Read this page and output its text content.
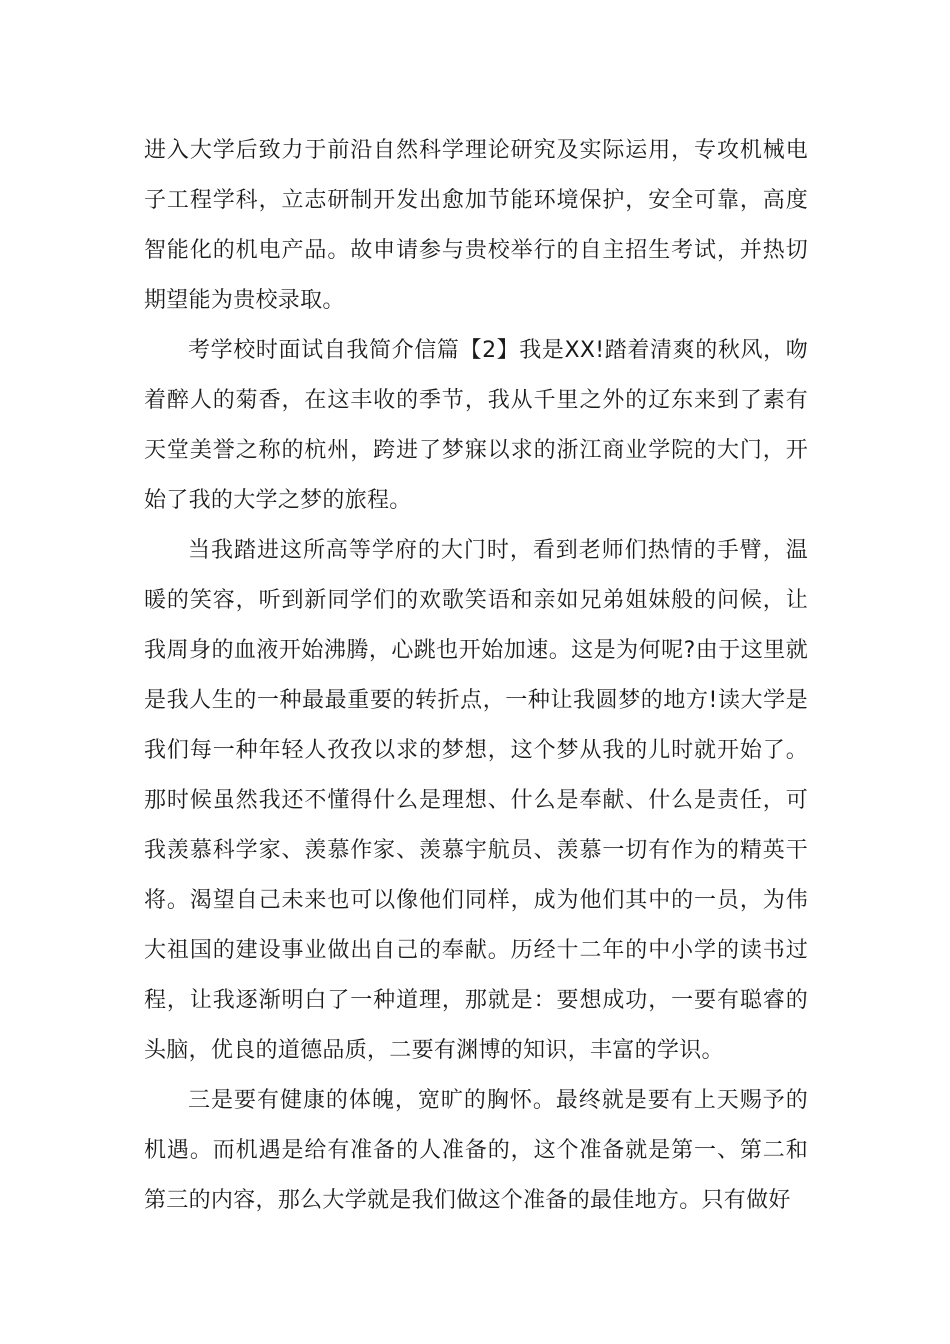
进入大学后致力于前沿自然科学理论研究及实际运用，专攻机械电子工程学科，立志研制开发出愈加节能环境保护，安全可靠，高度智能化的机电产品。故申请参与贵校举行的自主招生考试，并热切期望能为贵校录取。

考学校时面试自我简介信篇【2】我是XX!踏着清爽的秋风，吻着醉人的菊香，在这丰收的季节，我从千里之外的辽东来到了素有天堂美誉之称的杭州，跨进了梦寐以求的浙江商业学院的大门，开始了我的大学之梦的旅程。

当我踏进这所高等学府的大门时，看到老师们热情的手臂，温暖的笑容，听到新同学们的欢歌笑语和亲如兄弟姐妹般的问候，让我周身的血液开始沸腾，心跳也开始加速。这是为何呢?由于这里就是我人生的一种最最重要的转折点，一种让我圆梦的地方!读大学是我们每一种年轻人孜孜以求的梦想，这个梦从我的儿时就开始了。那时候虽然我还不懂得什么是理想、什么是奉献、什么是责任，可我羡慕科学家、羡慕作家、羡慕宇航员、羡慕一切有作为的精英干将。渴望自己未来也可以像他们同样，成为他们其中的一员，为伟大祖国的建设事业做出自己的奉献。历经十二年的中小学的读书过程，让我逐渐明白了一种道理，那就是：要想成功，一要有聪睿的头脑，优良的道德品质，二要有渊博的知识，丰富的学识。

三是要有健康的体魄，宽旷的胸怀。最终就是要有上天赐予的机遇。而机遇是给有准备的人准备的，这个准备就是第一、第二和第三的内容，那么大学就是我们做这个准备的最佳地方。只有做好
